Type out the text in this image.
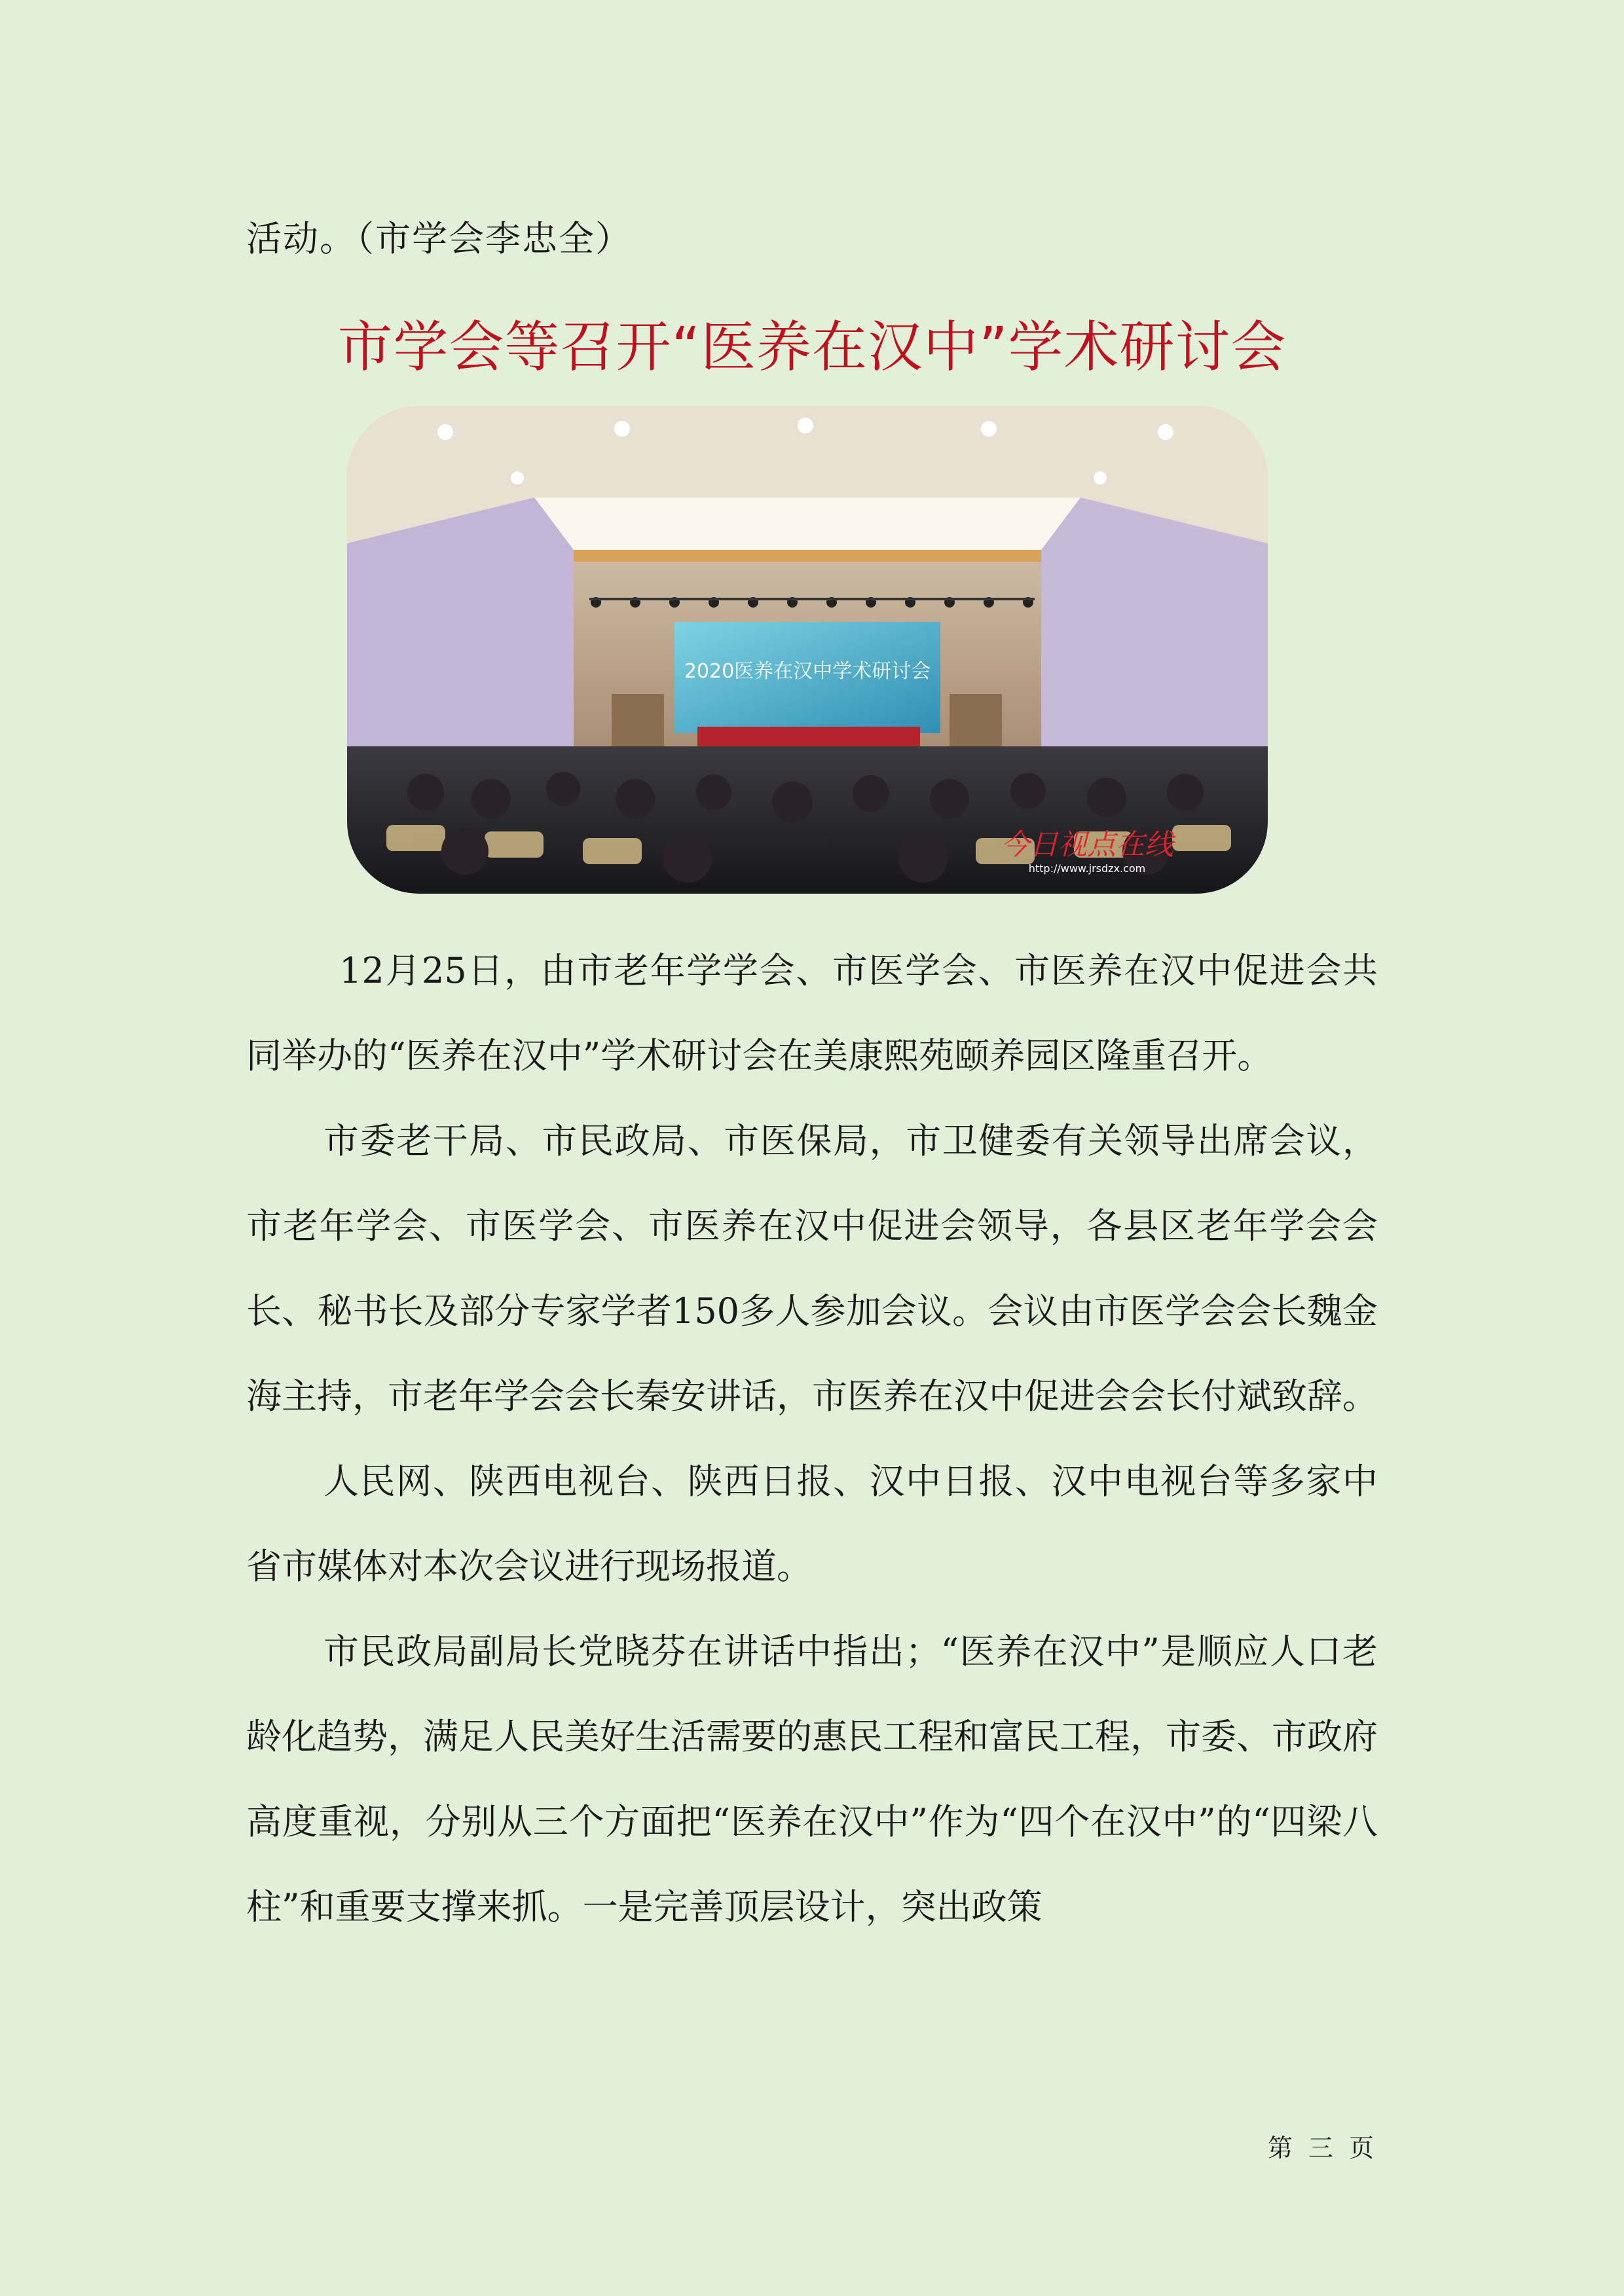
活动。（市学会李忠全）
市学会等召开“医养在汉中”学术研讨会
2020医养在汉中学术研讨会
今日视点在线
http://www.jrsdzx.com

12月25日，由市老年学学会、市医学会、市医养在汉中促进会共同举办的“医养在汉中”学术研讨会在美康熙苑颐养园区隆重召开。

市委老干局、市民政局、市医保局，市卫健委有关领导出席会议，市老年学会、市医学会、市医养在汉中促进会领导，各县区老年学会会长、秘书长及部分专家学者150多人参加会议。会议由市医学会会长魏金海主持，市老年学会会长秦安讲话，市医养在汉中促进会会长付斌致辞。

人民网、陕西电视台、陕西日报、汉中日报、汉中电视台等多家中省市媒体对本次会议进行现场报道。

市民政局副局长党晓芬在讲话中指出；“医养在汉中”是顺应人口老龄化趋势，满足人民美好生活需要的惠民工程和富民工程，市委、市政府高度重视，分别从三个方面把“医养在汉中”作为“四个在汉中”的“四梁八柱”和重要支撑来抓。一是完善顶层设计，突出政策

第 三 页
